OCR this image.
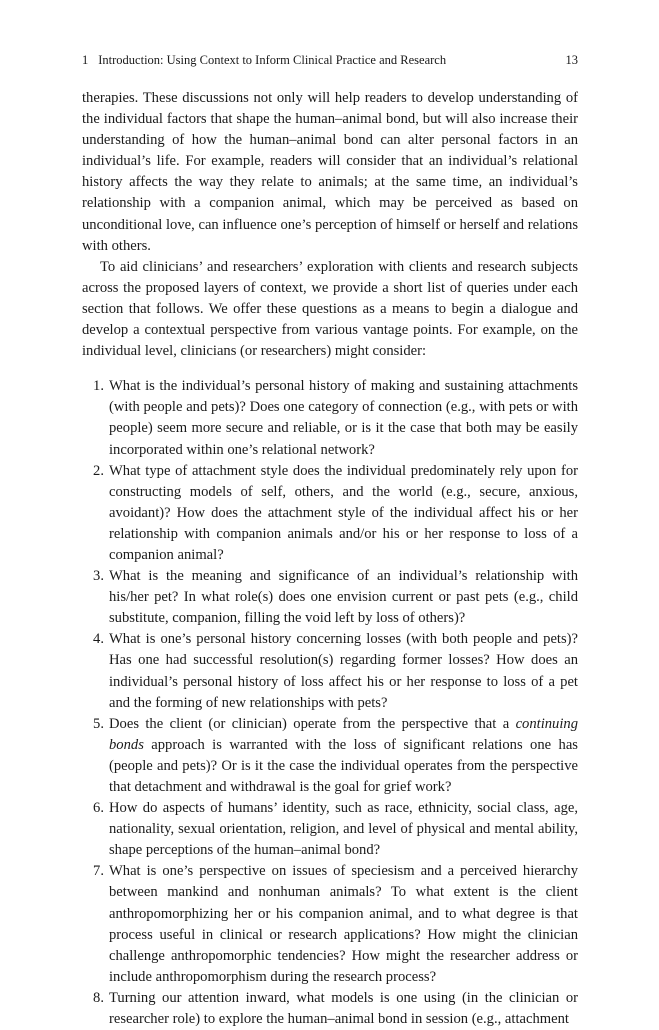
1 Introduction: Using Context to Inform Clinical Practice and Research	13

therapies. These discussions not only will help readers to develop understanding of the individual factors that shape the human–animal bond, but will also increase their understanding of how the human–animal bond can alter personal factors in an individual’s life. For example, readers will consider that an individual’s relational history affects the way they relate to animals; at the same time, an individual’s relationship with a companion animal, which may be perceived as based on unconditional love, can influence one’s perception of himself or herself and relations with others.

To aid clinicians’ and researchers’ exploration with clients and research subjects across the proposed layers of context, we provide a short list of queries under each section that follows. We offer these questions as a means to begin a dialogue and develop a contextual perspective from various vantage points. For example, on the individual level, clinicians (or researchers) might consider:

1. What is the individual’s personal history of making and sustaining attachments (with people and pets)? Does one category of connection (e.g., with pets or with people) seem more secure and reliable, or is it the case that both may be easily incorporated within one’s relational network?
2. What type of attachment style does the individual predominately rely upon for constructing models of self, others, and the world (e.g., secure, anxious, avoidant)? How does the attachment style of the individual affect his or her relationship with companion animals and/or his or her response to loss of a companion animal?
3. What is the meaning and significance of an individual’s relationship with his/her pet? In what role(s) does one envision current or past pets (e.g., child substitute, companion, filling the void left by loss of others)?
4. What is one’s personal history concerning losses (with both people and pets)? Has one had successful resolution(s) regarding former losses? How does an individual’s personal history of loss affect his or her response to loss of a pet and the forming of new relationships with pets?
5. Does the client (or clinician) operate from the perspective that a continuing bonds approach is warranted with the loss of significant relations one has (people and pets)? Or is it the case the individual operates from the perspective that detachment and withdrawal is the goal for grief work?
6. How do aspects of humans’ identity, such as race, ethnicity, social class, age, nationality, sexual orientation, religion, and level of physical and mental ability, shape perceptions of the human–animal bond?
7. What is one’s perspective on issues of speciesism and a perceived hierarchy between mankind and nonhuman animals? To what extent is the client anthropomorphizing her or his companion animal, and to what degree is that process useful in clinical or research applications? How might the clinician challenge anthropomorphic tendencies? How might the researcher address or include anthropomorphism during the research process?
8. Turning our attention inward, what models is one using (in the clinician or researcher role) to explore the human–animal bond in session (e.g., attachment
